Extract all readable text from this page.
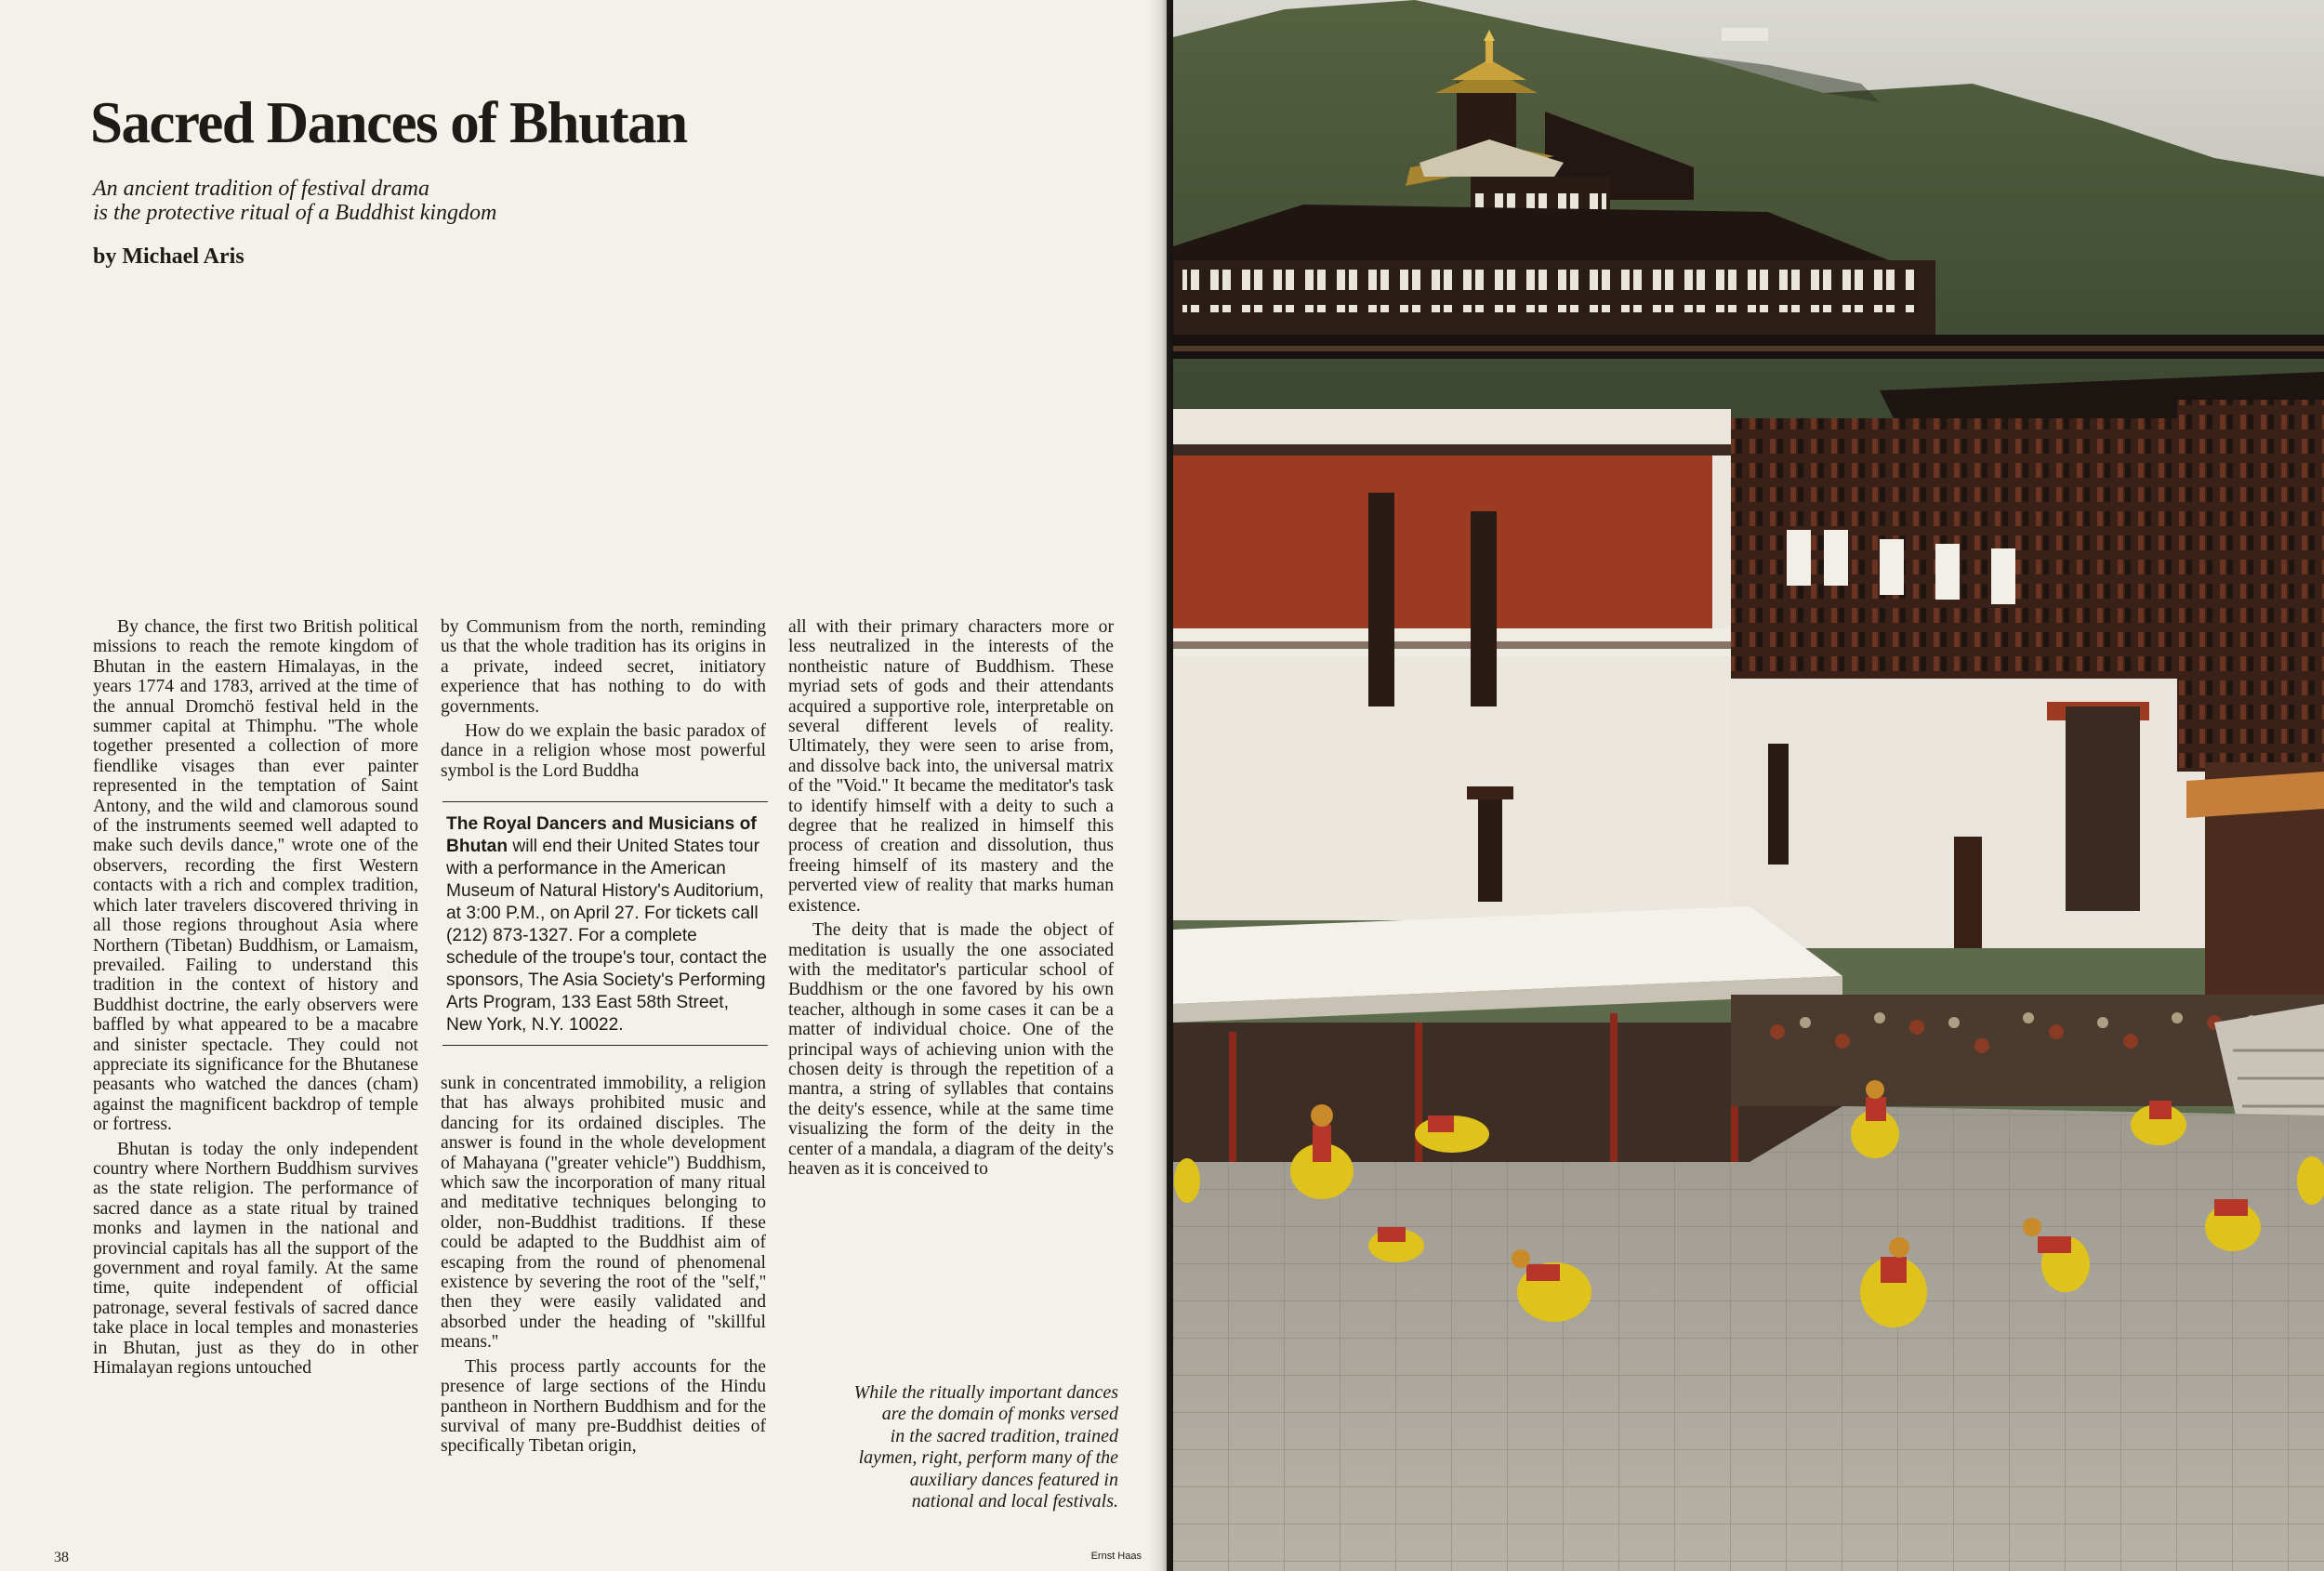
Sacred Dances of Bhutan
An ancient tradition of festival drama
is the protective ritual of a Buddhist kingdom
by Michael Aris

By chance, the first two British political missions to reach the remote kingdom of Bhutan in the eastern Himalayas, in the years 1774 and 1783, arrived at the time of the annual Dromchö festival held in the summer capital at Thimphu. ''The whole together presented a collection of more fiendlike visages than ever painter represented in the temptation of Saint Antony, and the wild and clamorous sound of the instruments seemed well adapted to make such devils dance,'' wrote one of the observers, recording the first Western contacts with a rich and complex tradition, which later travelers discovered thriving in all those regions throughout Asia where Northern (Tibetan) Buddhism, or Lamaism, prevailed. Failing to understand this tradition in the context of history and Buddhist doctrine, the early observers were baffled by what appeared to be a macabre and sinister spectacle. They could not appreciate its significance for the Bhutanese peasants who watched the dances (cham) against the magnificent backdrop of temple or fortress.

Bhutan is today the only independent country where Northern Buddhism survives as the state religion. The performance of sacred dance as a state ritual by trained monks and laymen in the national and provincial capitals has all the support of the government and royal family. At the same time, quite independent of official patronage, several festivals of sacred dance take place in local temples and monasteries in Bhutan, just as they do in other Himalayan regions untouched

by Communism from the north, reminding us that the whole tradition has its origins in a private, indeed secret, initiatory experience that has nothing to do with governments.

How do we explain the basic paradox of dance in a religion whose most powerful symbol is the Lord Buddha

The Royal Dancers and Musicians of Bhutan will end their United States tour with a performance in the American Museum of Natural History's Auditorium, at 3:00 P.M., on April 27. For tickets call (212) 873-1327. For a complete schedule of the troupe's tour, contact the sponsors, The Asia Society's Performing Arts Program, 133 East 58th Street, New York, N.Y. 10022.

sunk in concentrated immobility, a religion that has always prohibited music and dancing for its ordained disciples. The answer is found in the whole development of Mahayana (''greater vehicle'') Buddhism, which saw the incorporation of many ritual and meditative techniques belonging to older, non-Buddhist traditions. If these could be adapted to the Buddhist aim of escaping from the round of phenomenal existence by severing the root of the ''self,'' then they were easily validated and absorbed under the heading of ''skillful means.''

This process partly accounts for the presence of large sections of the Hindu pantheon in Northern Buddhism and for the survival of many pre-Buddhist deities of specifically Tibetan origin,

all with their primary characters more or less neutralized in the interests of the nontheistic nature of Buddhism. These myriad sets of gods and their attendants acquired a supportive role, interpretable on several different levels of reality. Ultimately, they were seen to arise from, and dissolve back into, the universal matrix of the ''Void.'' It became the meditator's task to identify himself with a deity to such a degree that he realized in himself this process of creation and dissolution, thus freeing himself of its mastery and the perverted view of reality that marks human existence.

The deity that is made the object of meditation is usually the one associated with the meditator's particular school of Buddhism or the one favored by his own teacher, although in some cases it can be a matter of individual choice. One of the principal ways of achieving union with the chosen deity is through the repetition of a mantra, a string of syllables that contains the deity's essence, while at the same time visualizing the form of the deity in the center of a mandala, a diagram of the deity's heaven as it is conceived to

While the ritually important dances
are the domain of monks versed
in the sacred tradition, trained
laymen, right, perform many of the
auxiliary dances featured in
national and local festivals.
Ernst Haas
38
